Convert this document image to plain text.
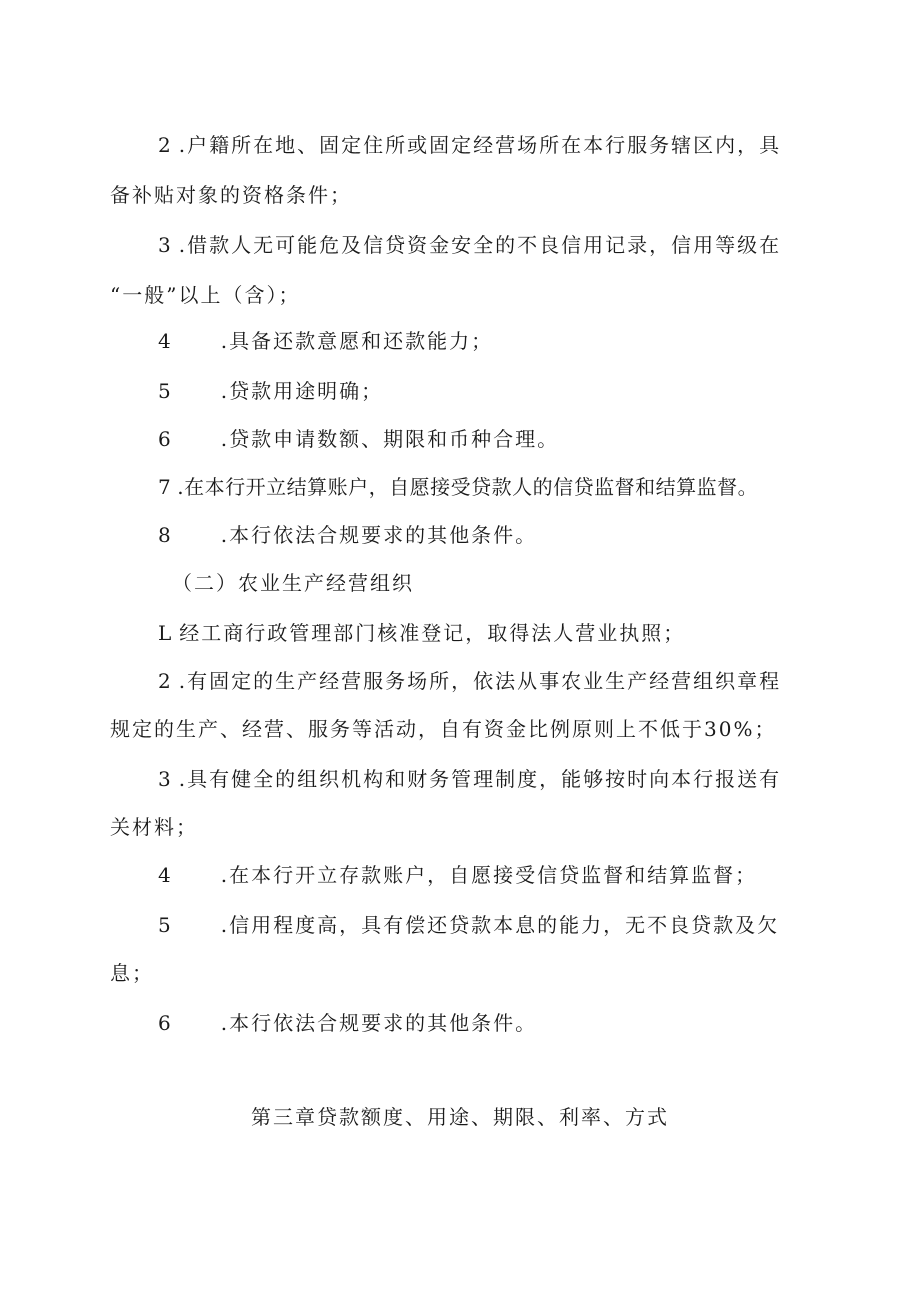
2 .户籍所在地、固定住所或固定经营场所在本行服务辖区内，具
备补贴对象的资格条件；
3 .借款人无可能危及信贷资金安全的不良信用记录，信用等级在
“一般”以上（含）；
4 .具备还款意愿和还款能力；
5 .贷款用途明确；
6 .贷款申请数额、期限和币种合理。
7 .在本行开立结算账户，自愿接受贷款人的信贷监督和结算监督。
8 .本行依法合规要求的其他条件。
（二）农业生产经营组织
L 经工商行政管理部门核准登记，取得法人营业执照；
2 .有固定的生产经营服务场所，依法从事农业生产经营组织章程
规定的生产、经营、服务等活动，自有资金比例原则上不低于30%；
3 .具有健全的组织机构和财务管理制度，能够按时向本行报送有
关材料；
4 .在本行开立存款账户，自愿接受信贷监督和结算监督；
5 .信用程度高，具有偿还贷款本息的能力，无不良贷款及欠
息；
6 .本行依法合规要求的其他条件。
第三章贷款额度、用途、期限、利率、方式
